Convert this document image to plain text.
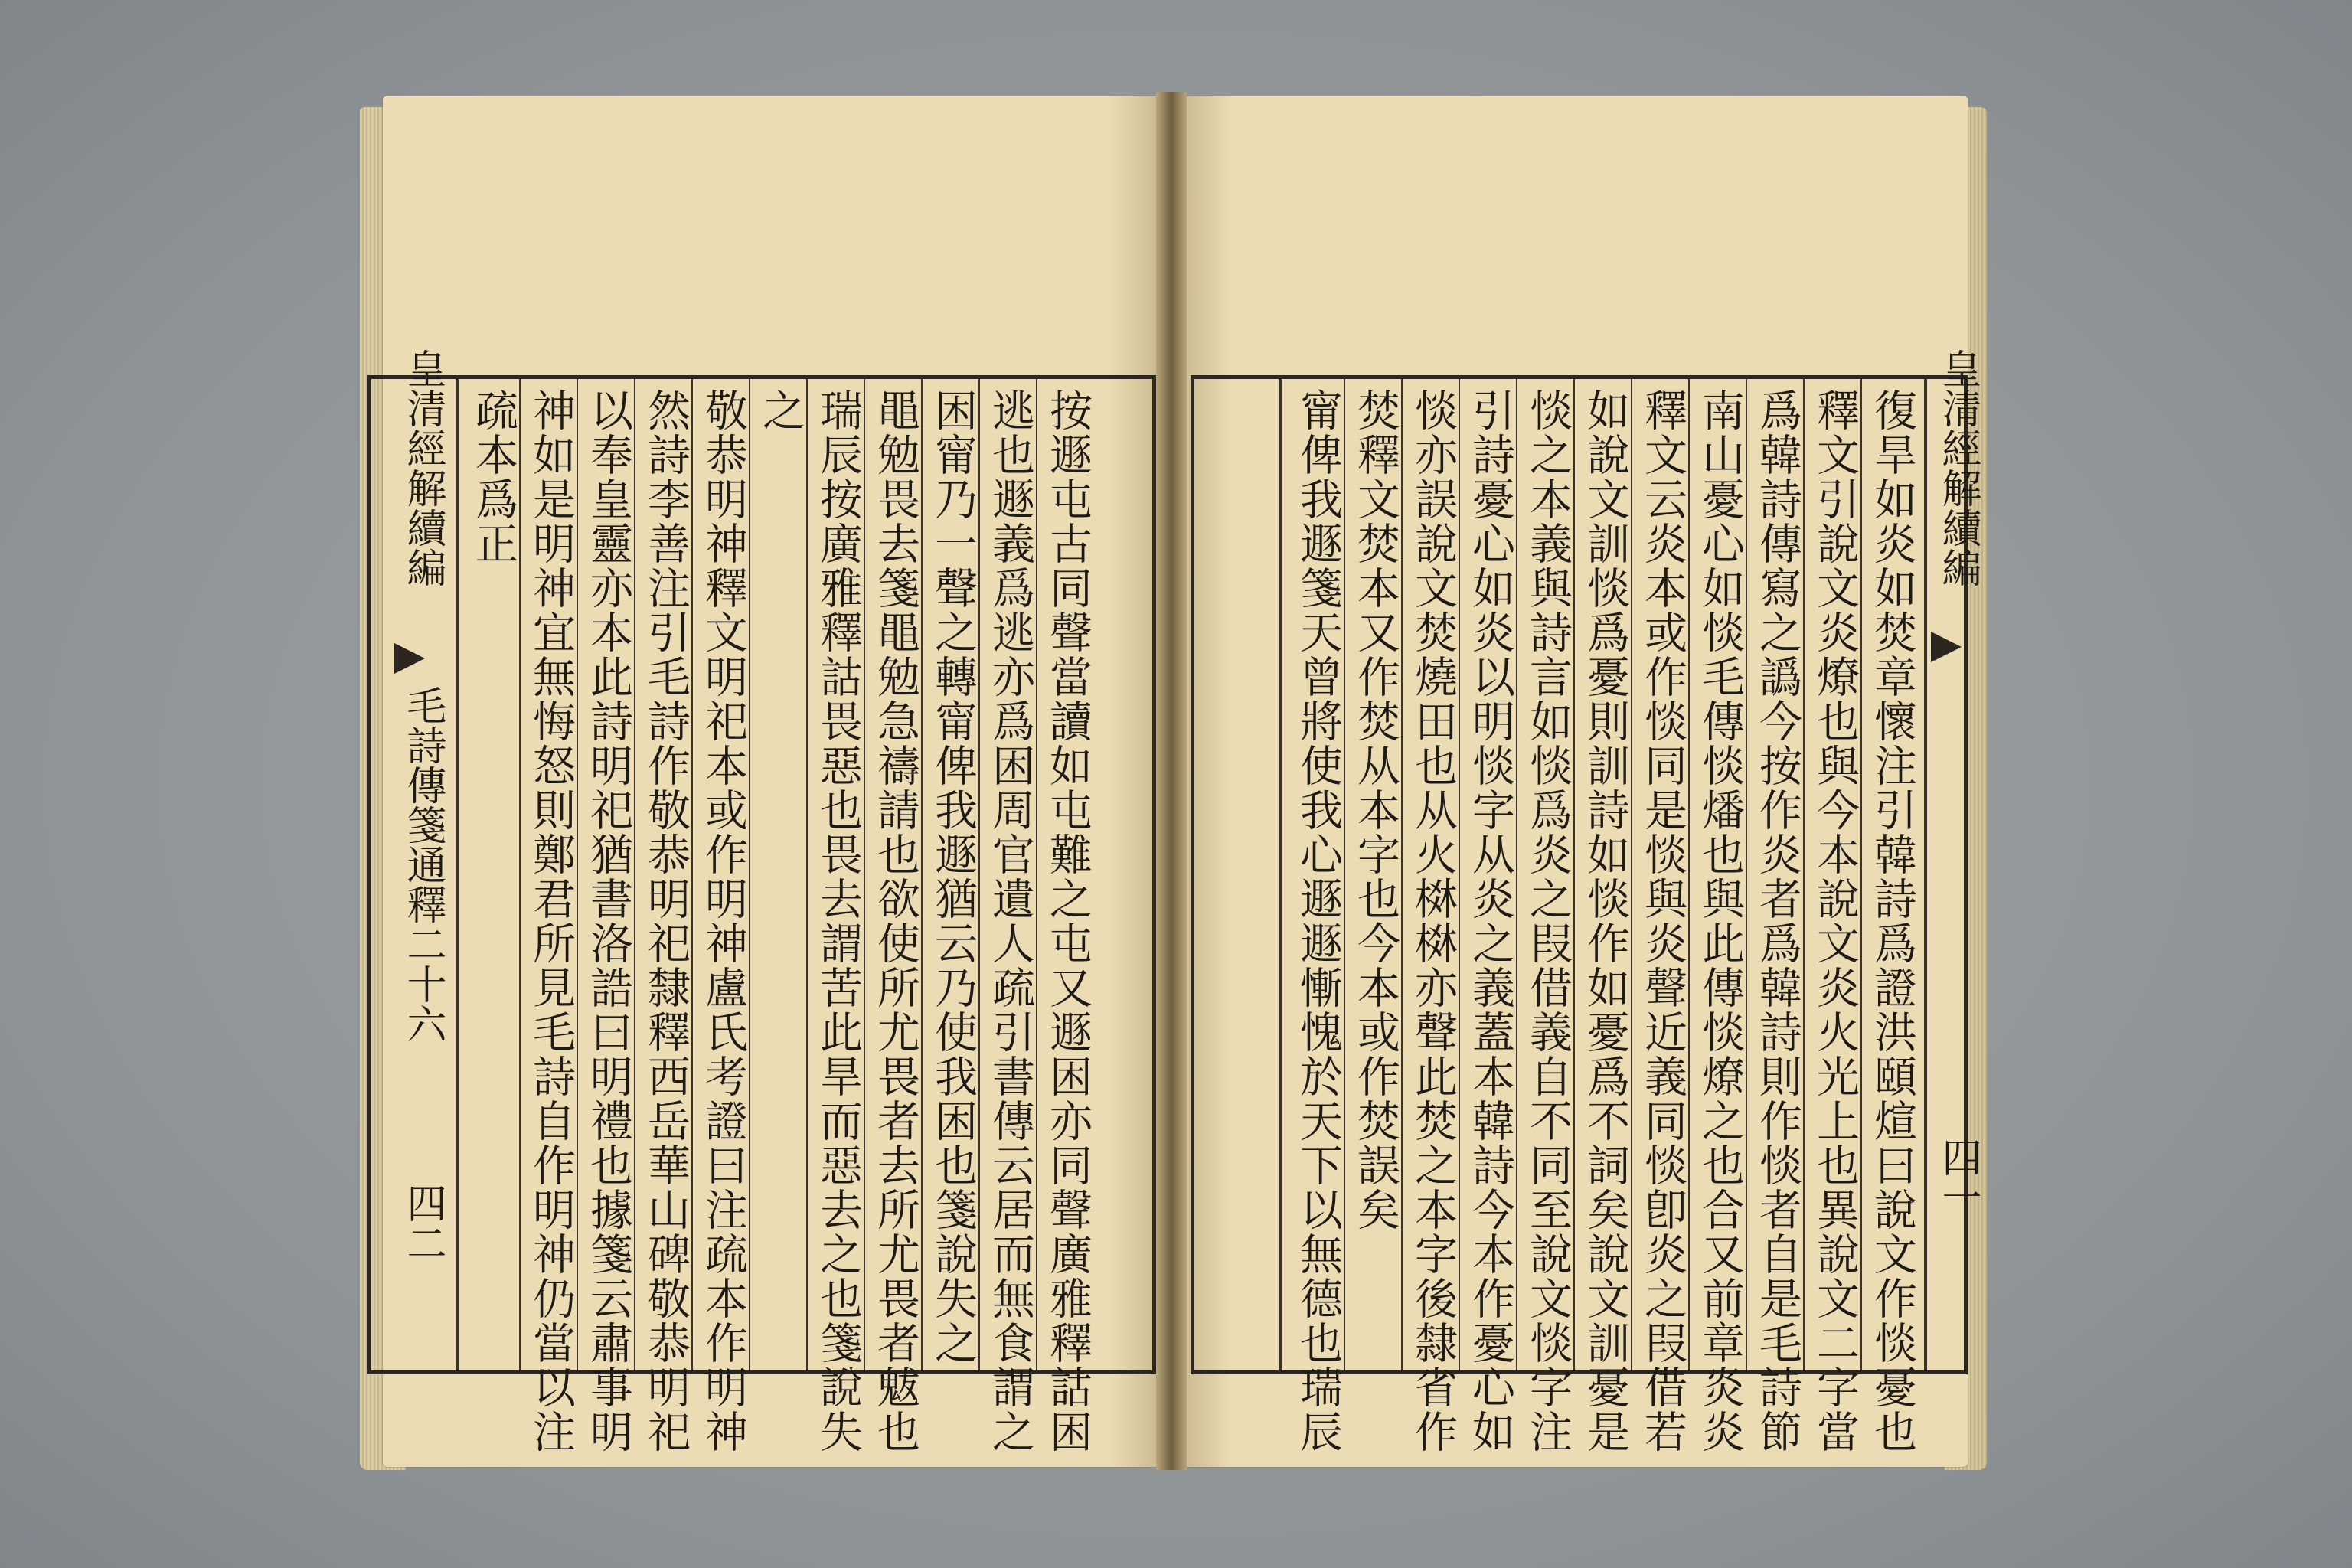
按遯屯古同聲當讀如屯難之屯又遯困亦同聲廣雅釋詁困
逃也遯義爲逃亦爲困周官遺人疏引書傳云居而無食謂之
困甯乃一聲之轉甯俾我遯猶云乃使我困也箋說失之
黽勉畏去箋黽勉急禱請也欲使所尤畏者去所尤畏者魃也
瑞辰按廣雅釋詁畏惡也畏去謂苦此旱而惡去之也箋說失
之
敬恭明神釋文明祀本或作明神盧氏考證曰注疏本作明神
然詩李善注引毛詩作敬恭明祀隸釋西岳華山碑敬恭明祀
以奉皇靈亦本此詩明祀猶書洛誥曰明禮也據箋云肅事明
神如是明神宜無悔怒則鄭君所見毛詩自作明神仍當以注
疏本爲正
皇清經解續編
毛詩傳箋通釋二十六
四二	復旱如炎如焚章懷注引韓詩爲證洪頤煊曰說文作惔憂也
釋文引說文炎燎也與今本說文炎火光上也異說文二字當
爲韓詩傳寫之譌今按作炎者爲韓詩則作惔者自是毛詩節
南山憂心如惔毛傳惔燔也與此傳惔燎之也合又前章炎炎
釋文云炎本或作惔同是惔與炎聲近義同惔卽炎之叚借若
如說文訓惔爲憂則訓詩如惔作如憂爲不詞矣說文訓憂是
惔之本義與詩言如惔爲炎之叚借義自不同至說文惔字注
引詩憂心如炎以明惔字从炎之義蓋本韓詩今本作憂心如
惔亦誤說文焚燒田也从火棥棥亦聲此焚之本字後隸省作
焚釋文焚本又作焚从本字也今本或作焚誤矣
甯俾我遯箋天曾將使我心遯遯慚愧於天下以無德也瑞辰	皇清經解續編
四一
